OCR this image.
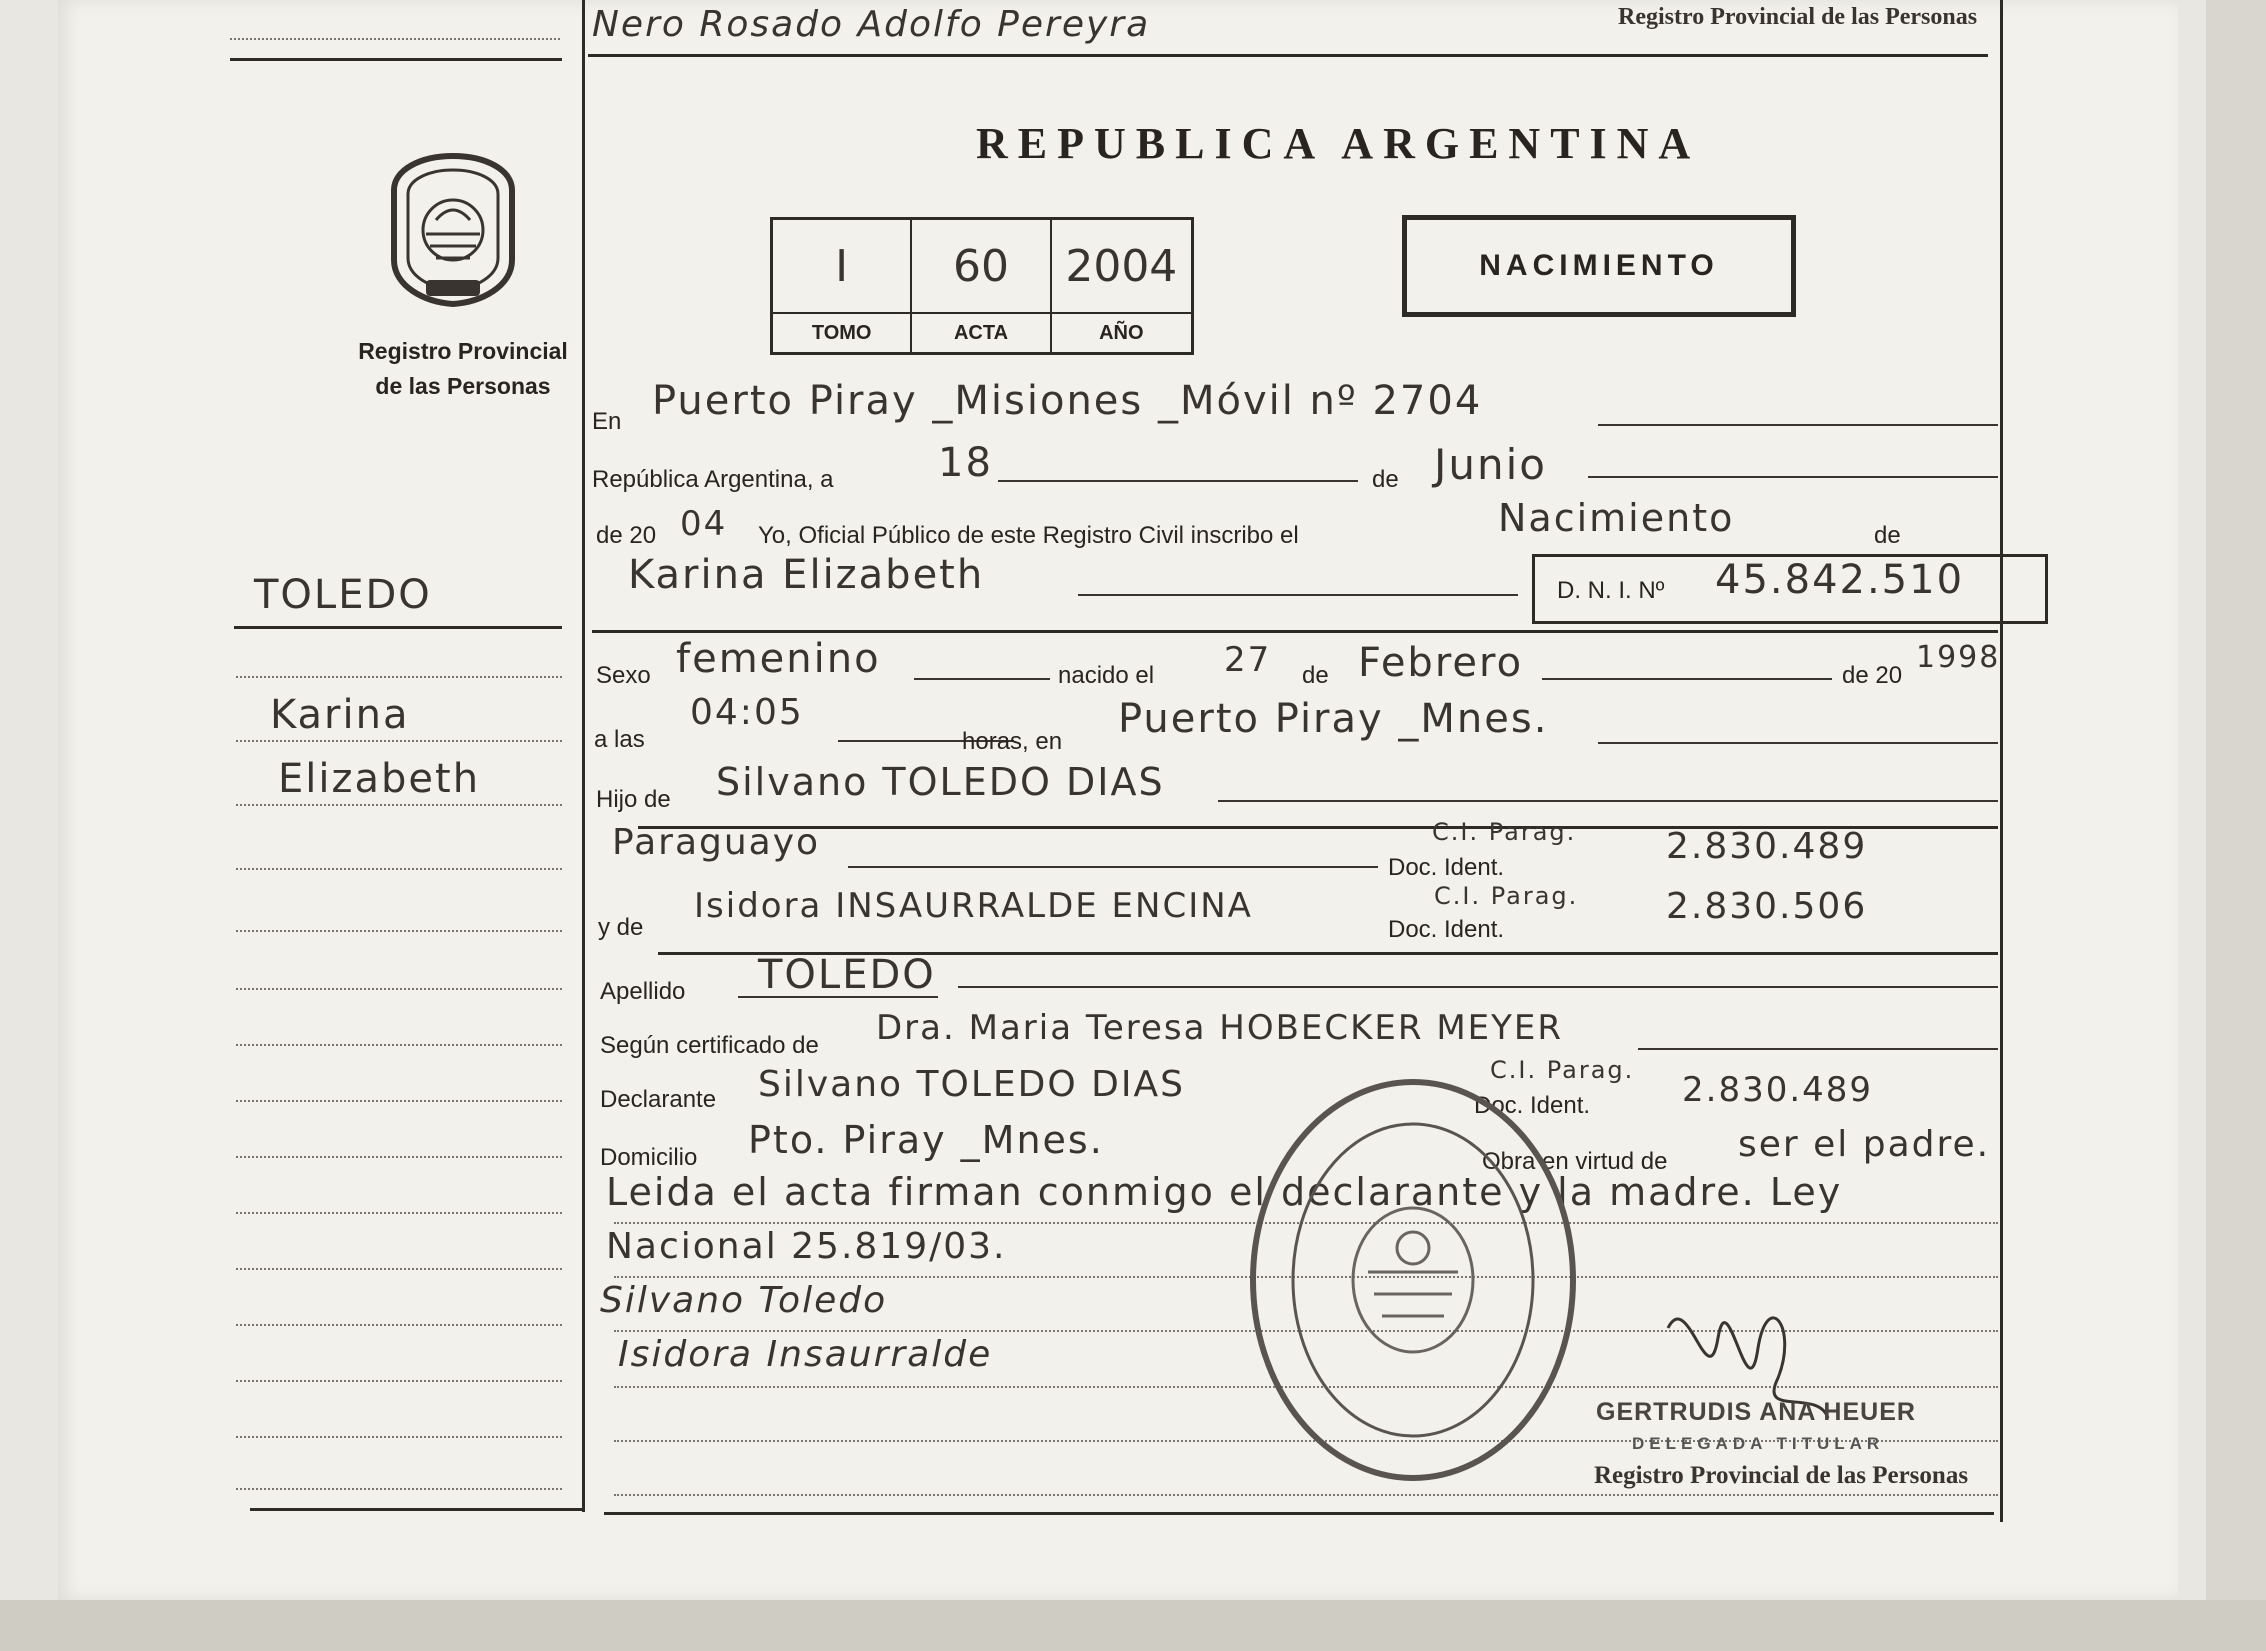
Nero Rosado Adolfo Pereyra	Registro Provincial de las Personas
Registro Provincial
de las Personas
TOLEDO
Karina
Elizabeth
REPUBLICA ARGENTINA
I	60	2004
TOMO	ACTA	AÑO
NACIMIENTO
En Puerto Piray _Misiones _Móvil nº 2704
República Argentina, a	18	de Junio
de 20 04 Yo, Oficial Público de este Registro Civil inscribo el	Nacimiento	de
Karina Elizabeth	D. N. I. Nº 45.842.510
Sexo femenino	nacido el 27 de Febrero	de 20
1998
a las
04:05
horas, en Puerto Piray _Mnes.
Hijo de Silvano TOLEDO DIAS
Paraguayo
Doc. Ident.
C.I. Parag. 2.830.489
y de
Isidora INSAURRALDE ENCINA
Doc. Ident.
C.I. Parag. 2.830.506
Apellido TOLEDO
Según certificado de Dra. Maria Teresa HOBECKER MEYER
Declarante Silvano TOLEDO DIAS
Doc. Ident.
C.I. Parag. 2.830.489
Domicilio Pto. Piray _Mnes.	Obra en virtud de ser el padre.
Leida el acta firman conmigo el declarante y la madre. Ley
Nacional 25.819/03.
Silvano Toledo
Isidora Insaurralde
GERTRUDIS ANA HEUER
DELEGADA TITULAR
Registro Provincial de las Personas
